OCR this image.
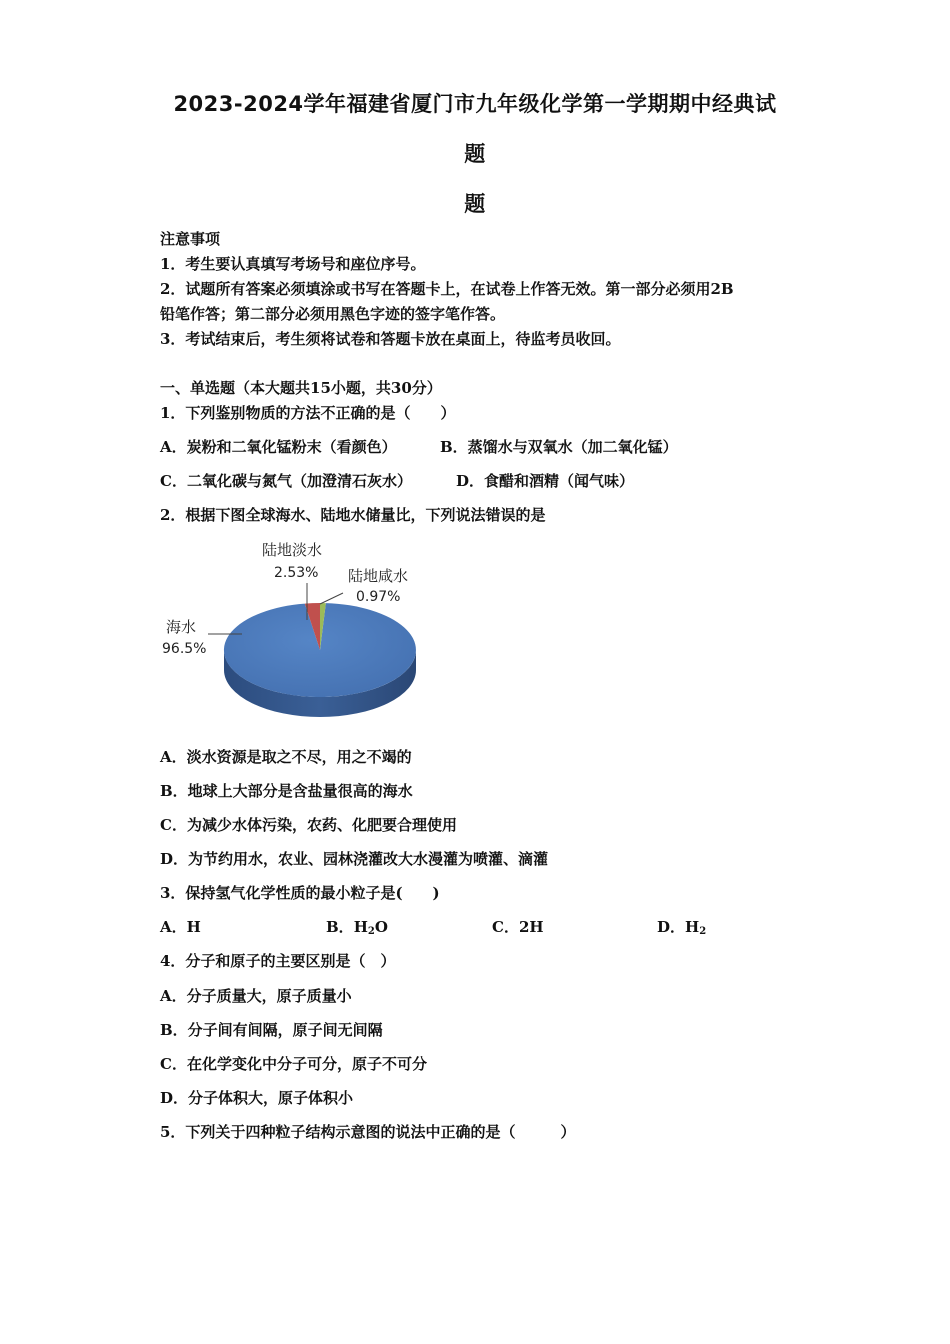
2023-2024学年福建省厦门市九年级化学第一学期期中经典试
题
题
注意事项
1．考生要认真填写考场号和座位序号。
2．试题所有答案必须填涂或书写在答题卡上，在试卷上作答无效。第一部分必须用2B
铅笔作答；第二部分必须用黑色字迹的签字笔作答。
3．考试结束后，考生须将试卷和答题卡放在桌面上，待监考员收回。
一、单选题（本大题共15小题，共30分）
1．下列鉴别物质的方法不正确的是（　　）
A．炭粉和二氧化锰粉末（看颜色）	B．蒸馏水与双氧水（加二氧化锰）
C．二氧化碳与氮气（加澄清石灰水）	D．食醋和酒精（闻气味）
2．根据下图全球海水、陆地水储量比，下列说法错误的是
陆地淡水
2.53% 陆地咸水
0.97%
海水
96.5%
A．淡水资源是取之不尽，用之不竭的
B．地球上大部分是含盐量很高的海水
C．为减少水体污染，农药、化肥要合理使用
D．为节约用水，农业、园林浇灌改大水漫灌为喷灌、滴灌
3．保持氢气化学性质的最小粒子是(　　)
A．H	B．$H_2O$	C．2H	D．$H_2$
4．分子和原子的主要区别是（　）
A．分子质量大，原子质量小
B．分子间有间隔，原子间无间隔
C．在化学变化中分子可分，原子不可分
D．分子体积大，原子体积小
5．下列关于四种粒子结构示意图的说法中正确的是（　　　）
